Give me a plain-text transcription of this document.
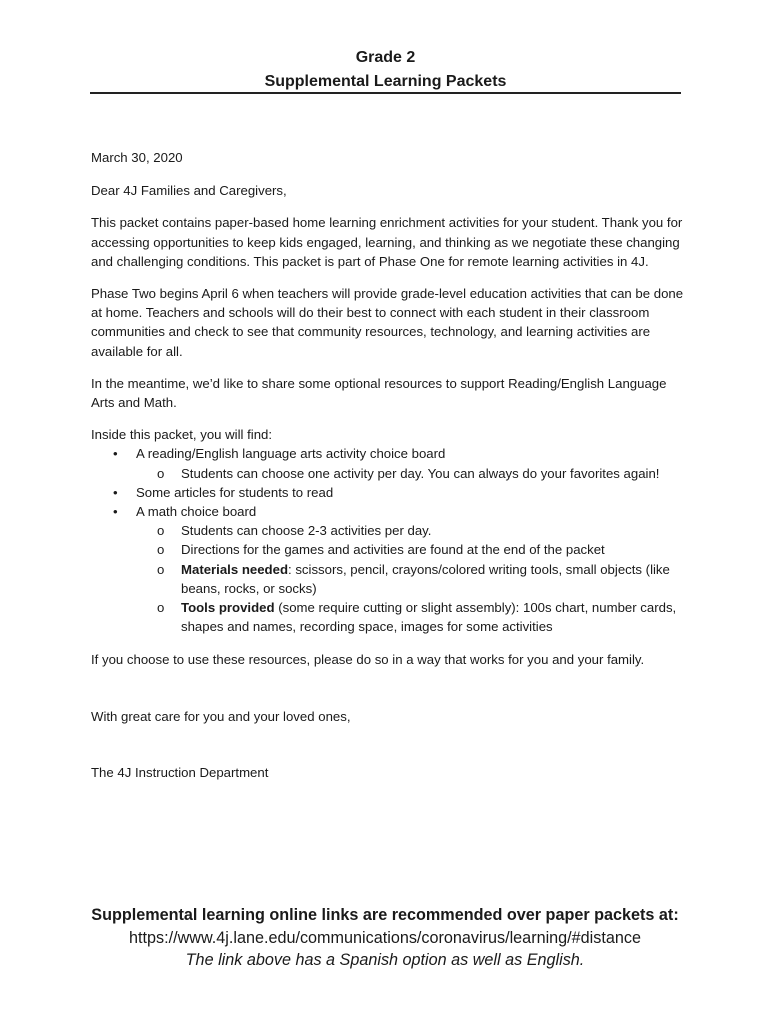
Grade 2
Supplemental Learning Packets

March 30, 2020

Dear 4J Families and Caregivers,

This packet contains paper-based home learning enrichment activities for your student. Thank you for accessing opportunities to keep kids engaged, learning, and thinking as we negotiate these changing and challenging conditions. This packet is part of Phase One for remote learning activities in 4J.

Phase Two begins April 6 when teachers will provide grade-level education activities that can be done at home. Teachers and schools will do their best to connect with each student in their classroom communities and check to see that community resources, technology, and learning activities are available for all.

In the meantime, we’d like to share some optional resources to support Reading/English Language Arts and Math.

Inside this packet, you will find:

• A reading/English language arts activity choice board
o Students can choose one activity per day. You can always do your favorites again!
• Some articles for students to read
• A math choice board
o Students can choose 2-3 activities per day.
o Directions for the games and activities are found at the end of the packet
o Materials needed: scissors, pencil, crayons/colored writing tools, small objects (like beans, rocks, or socks)
o Tools provided (some require cutting or slight assembly): 100s chart, number cards, shapes and names, recording space, images for some activities

If you choose to use these resources, please do so in a way that works for you and your family.

With great care for you and your loved ones,

The 4J Instruction Department

Supplemental learning online links are recommended over paper packets at:
https://www.4j.lane.edu/communications/coronavirus/learning/#distance
The link above has a Spanish option as well as English.
